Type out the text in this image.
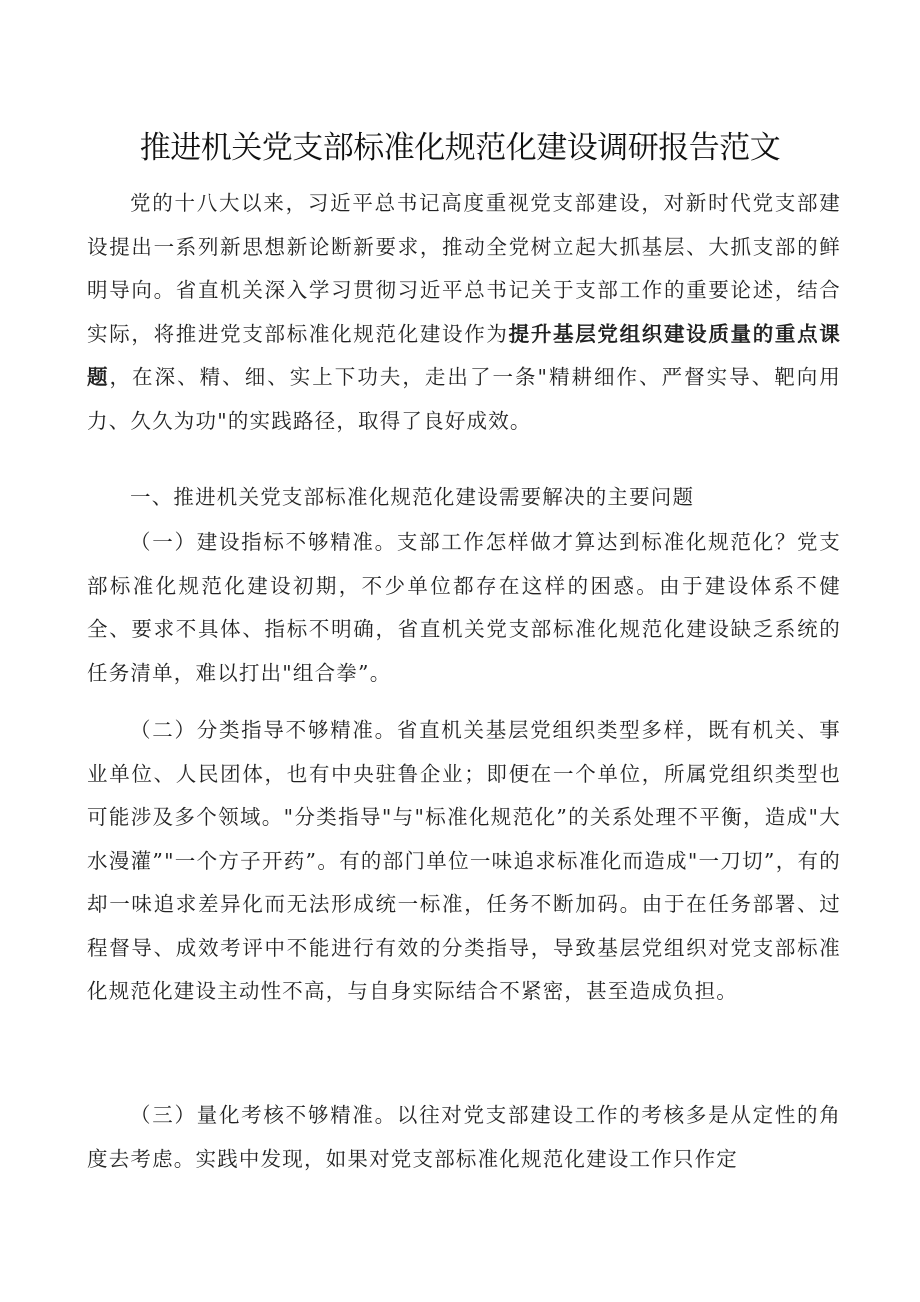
推进机关党支部标准化规范化建设调研报告范文

党的十八大以来，习近平总书记高度重视党支部建设，对新时代党支部建设提出一系列新思想新论断新要求，推动全党树立起大抓基层、大抓支部的鲜明导向。省直机关深入学习贯彻习近平总书记关于支部工作的重要论述，结合实际，将推进党支部标准化规范化建设作为提升基层党组织建设质量的重点课题，在深、精、细、实上下功夫，走出了一条"精耕细作、严督实导、靶向用力、久久为功"的实践路径，取得了良好成效。

一、推进机关党支部标准化规范化建设需要解决的主要问题

（一）建设指标不够精准。支部工作怎样做才算达到标准化规范化？党支部标准化规范化建设初期，不少单位都存在这样的困惑。由于建设体系不健全、要求不具体、指标不明确，省直机关党支部标准化规范化建设缺乏系统的任务清单，难以打出"组合拳”。

（二）分类指导不够精准。省直机关基层党组织类型多样，既有机关、事业单位、人民团体，也有中央驻鲁企业；即便在一个单位，所属党组织类型也可能涉及多个领域。"分类指导"与"标准化规范化”的关系处理不平衡，造成"大水漫灌”"一个方子开药”。有的部门单位一味追求标准化而造成"一刀切”，有的却一味追求差异化而无法形成统一标准，任务不断加码。由于在任务部署、过程督导、成效考评中不能进行有效的分类指导，导致基层党组织对党支部标准化规范化建设主动性不高，与自身实际结合不紧密，甚至造成负担。

（三）量化考核不够精准。以往对党支部建设工作的考核多是从定性的角度去考虑。实践中发现，如果对党支部标准化规范化建设工作只作定
